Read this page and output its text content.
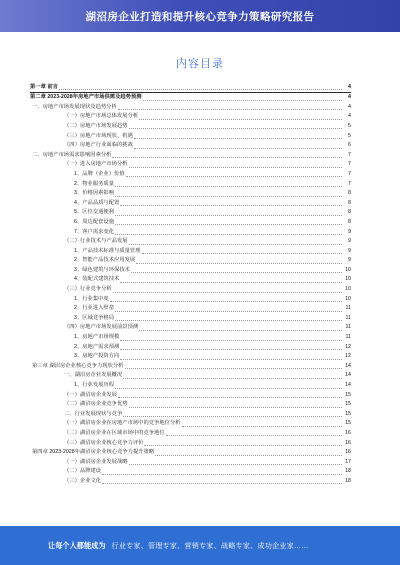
湖沼房企业打造和提升核心竞争力策略研究报告
内容目录
第一章 前言	4
第二章 2023-2028年房地产市场供需及趋势预测	4
一、房地产市场发展现状及趋势分析	4
（一）房地产市场总体发展分析	4
（二）房地产市场发展趋势	5
（三）房地产市场现状、机遇	5
（四）房地产行业面临的挑战	6
二、房地产市场需求影响因素分析	7
（一）进入房地产市场分析	7
1、品牌（企业）价值	7
2、物业服务质量	7
3、价格因素影响	8
4、产品品质与配置	8
5、区位交通便利	8
6、周边配套设施	8
7、客户需求变化	9
（二）行业技术与产品发展	9
1、产品技术标准与质量管理	9
2、智能产品技术应用发展	9
3、绿色建筑与环保技术	10
4、装配式建筑技术	10
（三）行业竞争分析	10
1、行业集中度	10
2、行业进入壁垒	11
3、区域竞争格局	11
（四）房地产市场发展前景预测	11
1、房地产市场规模	11
2、房地产需求预测	12
3、房地产投资方向	12
第三章 湖沼房企业核心竞争力现状分析	14
一、湖沼房企业发展概况	14
1、行业发展历程	14
（一）湖沼房企业发展	15
（二）湖沼房企业竞争优势	15
二、行业发展现状与竞争	15
（一）湖沼房企业在房地产市场中的竞争地位分析	15
（二）湖沼房企业在区域市场中的竞争地位	16
（三）湖沼房企业核心竞争力评价	16
第四章 2023-2028年湖沼房企业核心竞争力提升策略	16
（一）湖沼房企业发展战略	17
（二）品牌建设	18
（三）企业文化	18
让每个人都能成为 行业专家、管理专家、营销专家、战略专家、成功企业家……
